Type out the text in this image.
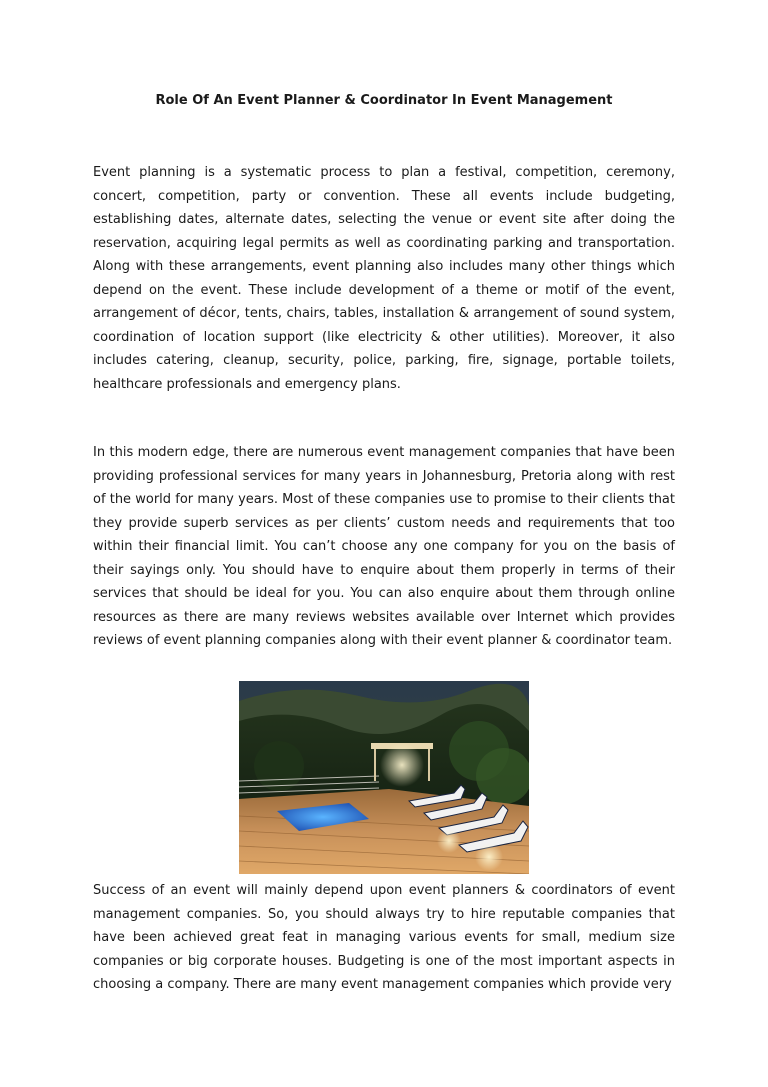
Role Of An Event Planner & Coordinator In Event Management

Event planning is a systematic process to plan a festival, competition, ceremony, concert, competition, party or convention. These all events include budgeting, establishing dates, alternate dates, selecting the venue or event site after doing the reservation, acquiring legal permits as well as coordinating parking and transportation. Along with these arrangements, event planning also includes many other things which depend on the event. These include development of a theme or motif of the event, arrangement of décor, tents, chairs, tables, installation & arrangement of sound system, coordination of location support (like electricity & other utilities). Moreover, it also includes catering, cleanup, security, police, parking, fire, signage, portable toilets, healthcare professionals and emergency plans.

In this modern edge, there are numerous event management companies that have been providing professional services for many years in Johannesburg, Pretoria along with rest of the world for many years. Most of these companies use to promise to their clients that they provide superb services as per clients’ custom needs and requirements that too within their financial limit. You can’t choose any one company for you on the basis of their sayings only. You should have to enquire about them properly in terms of their services that should be ideal for you. You can also enquire about them through online resources as there are many reviews websites available over Internet which provides reviews of event planning companies along with their event planner & coordinator team.

Success of an event will mainly depend upon event planners & coordinators of event management companies. So, you should always try to hire reputable companies that have been achieved great feat in managing various events for small, medium size companies or big corporate houses. Budgeting is one of the most important aspects in choosing a company. There are many event management companies which provide very
